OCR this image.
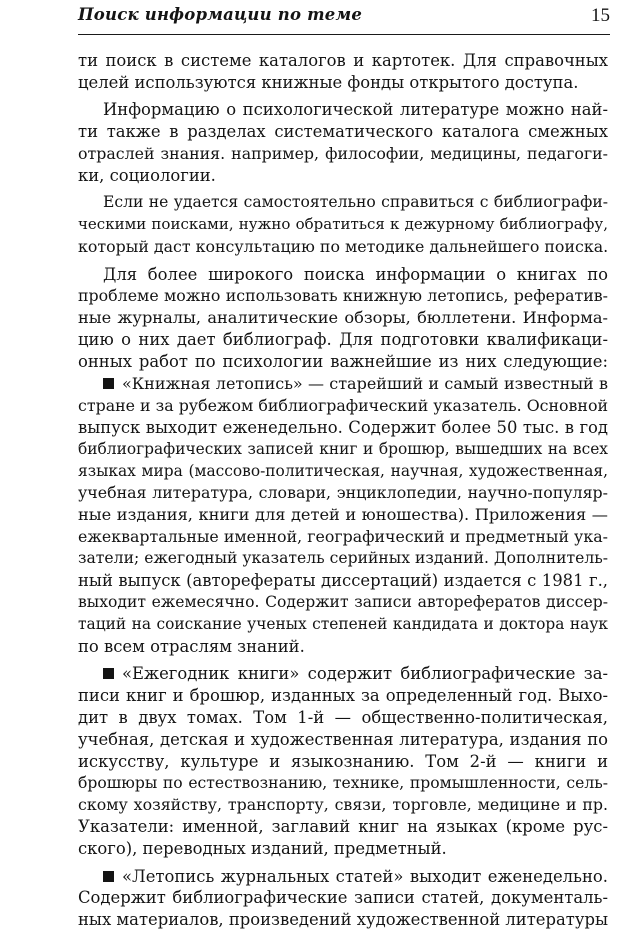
Поиск информации по теме	15
ти поиск в системе каталогов и картотек. Для справочных
целей используются книжные фонды открытого доступа.
Информацию о психологической литературе можно най-
ти также в разделах систематического каталога смежных
отраслей знания. например, философии, медицины, педагоги-
ки, социологии.
Если не удается самостоятельно справиться с библиографи-
ческими поисками, нужно обратиться к дежурному библиографу,
который даст консультацию по методике дальнейшего поиска.
Для более широкого поиска информации о книгах по
проблеме можно использовать книжную летопись, рефератив-
ные журналы, аналитические обзоры, бюллетени. Информа-
цию о них дает библиограф. Для подготовки квалификаци-
онных работ по психологии важнейшие из них следующие:
«Книжная летопись» — старейший и самый известный в
стране и за рубежом библиографический указатель. Основной
выпуск выходит еженедельно. Содержит более 50 тыс. в год
библиографических записей книг и брошюр, вышедших на всех
языках мира (массово-политическая, научная, художественная,
учебная литература, словари, энциклопедии, научно-популяр-
ные издания, книги для детей и юношества). Приложения —
ежеквартальные именной, географический и предметный ука-
затели; ежегодный указатель серийных изданий. Дополнитель-
ный выпуск (авторефераты диссертаций) издается с 1981 г.,
выходит ежемесячно. Содержит записи авторефератов диссер-
таций на соискание ученых степеней кандидата и доктора наук
по всем отраслям знаний.
«Ежегодник книги» содержит библиографические за-
писи книг и брошюр, изданных за определенный год. Выхо-
дит в двух томах. Том 1-й — общественно-политическая,
учебная, детская и художественная литература, издания по
искусству, культуре и языкознанию. Том 2-й — книги и
брошюры по естествознанию, технике, промышленности, сель-
скому хозяйству, транспорту, связи, торговле, медицине и пр.
Указатели: именной, заглавий книг на языках (кроме рус-
ского), переводных изданий, предметный.
«Летопись журнальных статей» выходит еженедельно.
Содержит библиографические записи статей, документаль-
ных материалов, произведений художественной литературы
